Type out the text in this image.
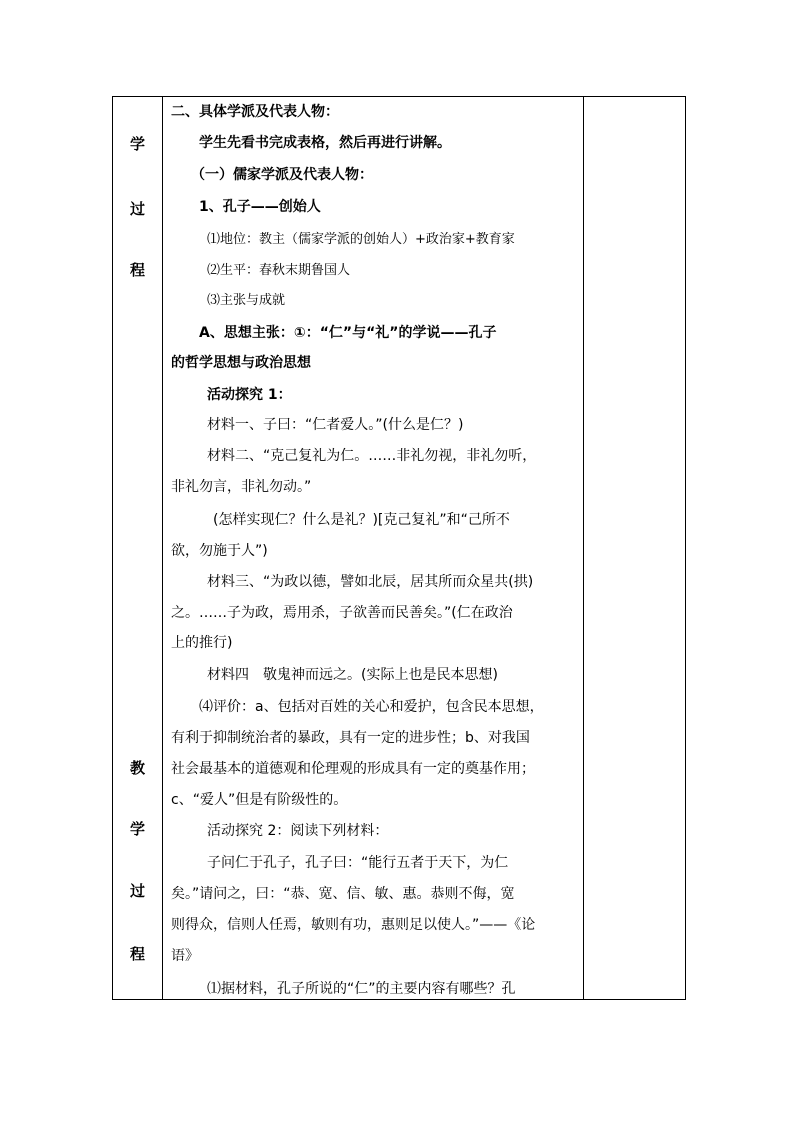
学
过
程
教
学
过
程
二、具体学派及代表人物：
学生先看书完成表格，然后再进行讲解。
（一）儒家学派及代表人物：
1、孔子——创始人
⑴地位：教主（儒家学派的创始人）+政治家+教育家
⑵生平：春秋末期鲁国人
⑶主张与成就
A、思想主张：①：“仁”与“礼”的学说——孔子
的哲学思想与政治思想
活动探究 1：
材料一、子曰：“仁者爱人。”(什么是仁？)
材料二、“克己复礼为仁。……非礼勿视，非礼勿听，
非礼勿言，非礼勿动。”
(怎样实现仁？什么是礼？)[克己复礼”和“己所不
欲，勿施于人”)
材料三、“为政以德，譬如北辰，居其所而众星共(拱)
之。……子为政，焉用杀，子欲善而民善矣。”(仁在政治
上的推行)
材料四　敬鬼神而远之。(实际上也是民本思想)
⑷评价：a、包括对百姓的关心和爱护，包含民本思想，
有利于抑制统治者的暴政，具有一定的进步性；b、对我国
社会最基本的道德观和伦理观的形成具有一定的奠基作用；
c、“爱人”但是有阶级性的。
活动探究 2：阅读下列材料：
子问仁于孔子，孔子曰：“能行五者于天下，为仁
矣。”请问之，曰：“恭、宽、信、敏、惠。恭则不侮，宽
则得众，信则人任焉，敏则有功，惠则足以使人。”——《论
语》
⑴据材料，孔子所说的“仁”的主要内容有哪些？孔
